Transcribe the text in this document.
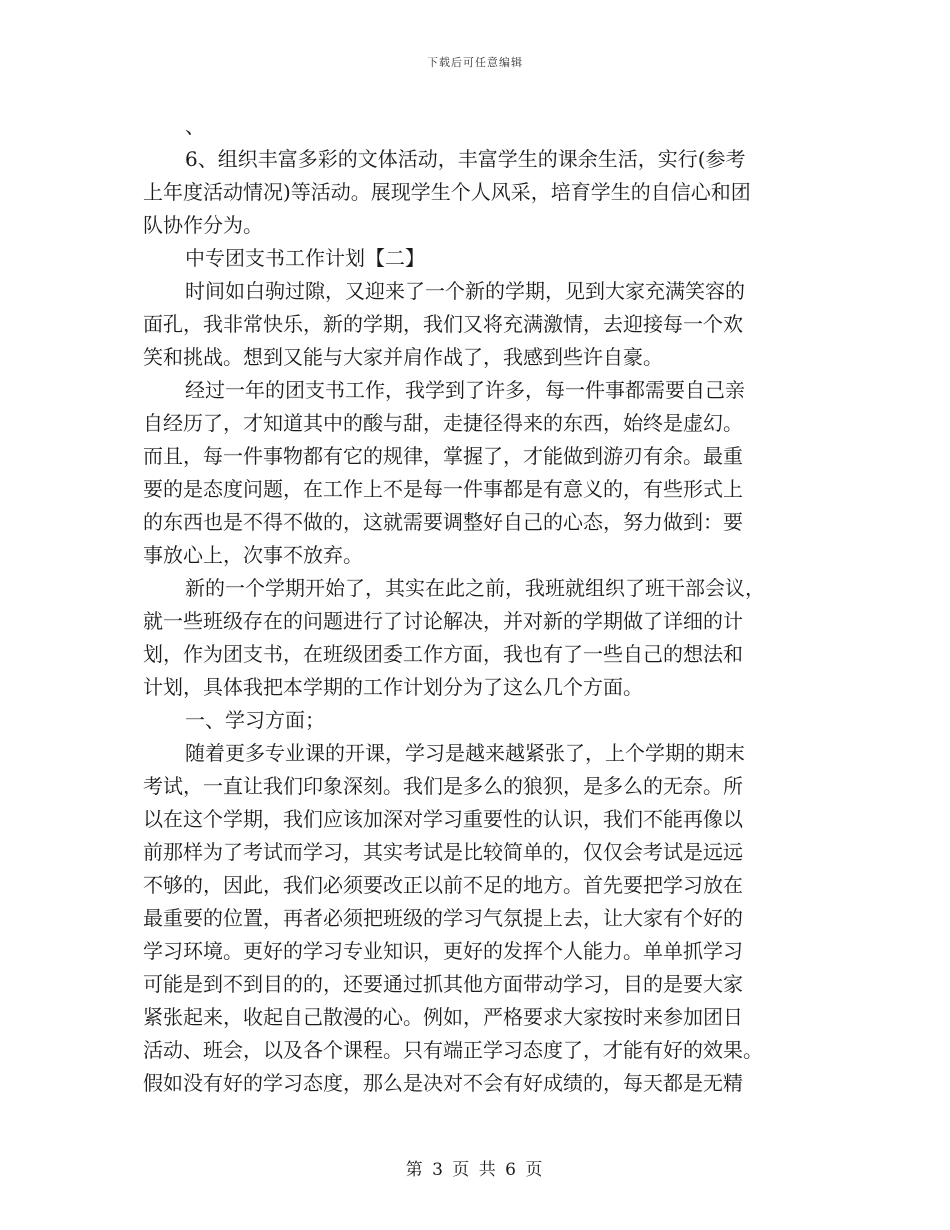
下载后可任意编辑
、
6、组织丰富多彩的文体活动，丰富学生的课余生活，实行(参考
上年度活动情况)等活动。展现学生个人风采，培育学生的自信心和团
队协作分为。
中专团支书工作计划【二】
时间如白驹过隙，又迎来了一个新的学期，见到大家充满笑容的
面孔，我非常快乐，新的学期，我们又将充满激情，去迎接每一个欢
笑和挑战。想到又能与大家并肩作战了，我感到些许自豪。
经过一年的团支书工作，我学到了许多，每一件事都需要自己亲
自经历了，才知道其中的酸与甜，走捷径得来的东西，始终是虚幻。
而且，每一件事物都有它的规律，掌握了，才能做到游刃有余。最重
要的是态度问题，在工作上不是每一件事都是有意义的，有些形式上
的东西也是不得不做的，这就需要调整好自己的心态，努力做到：要
事放心上，次事不放弃。
新的一个学期开始了，其实在此之前，我班就组织了班干部会议，
就一些班级存在的问题进行了讨论解决，并对新的学期做了详细的计
划，作为团支书，在班级团委工作方面，我也有了一些自己的想法和
计划，具体我把本学期的工作计划分为了这么几个方面。
一、学习方面；
随着更多专业课的开课，学习是越来越紧张了，上个学期的期末
考试，一直让我们印象深刻。我们是多么的狼狈，是多么的无奈。所
以在这个学期，我们应该加深对学习重要性的认识，我们不能再像以
前那样为了考试而学习，其实考试是比较简单的，仅仅会考试是远远
不够的，因此，我们必须要改正以前不足的地方。首先要把学习放在
最重要的位置，再者必须把班级的学习气氛提上去，让大家有个好的
学习环境。更好的学习专业知识，更好的发挥个人能力。单单抓学习
可能是到不到目的的，还要通过抓其他方面带动学习，目的是要大家
紧张起来，收起自己散漫的心。例如，严格要求大家按时来参加团日
活动、班会，以及各个课程。只有端正学习态度了，才能有好的效果。
假如没有好的学习态度，那么是决对不会有好成绩的，每天都是无精
第 3 页 共 6 页
